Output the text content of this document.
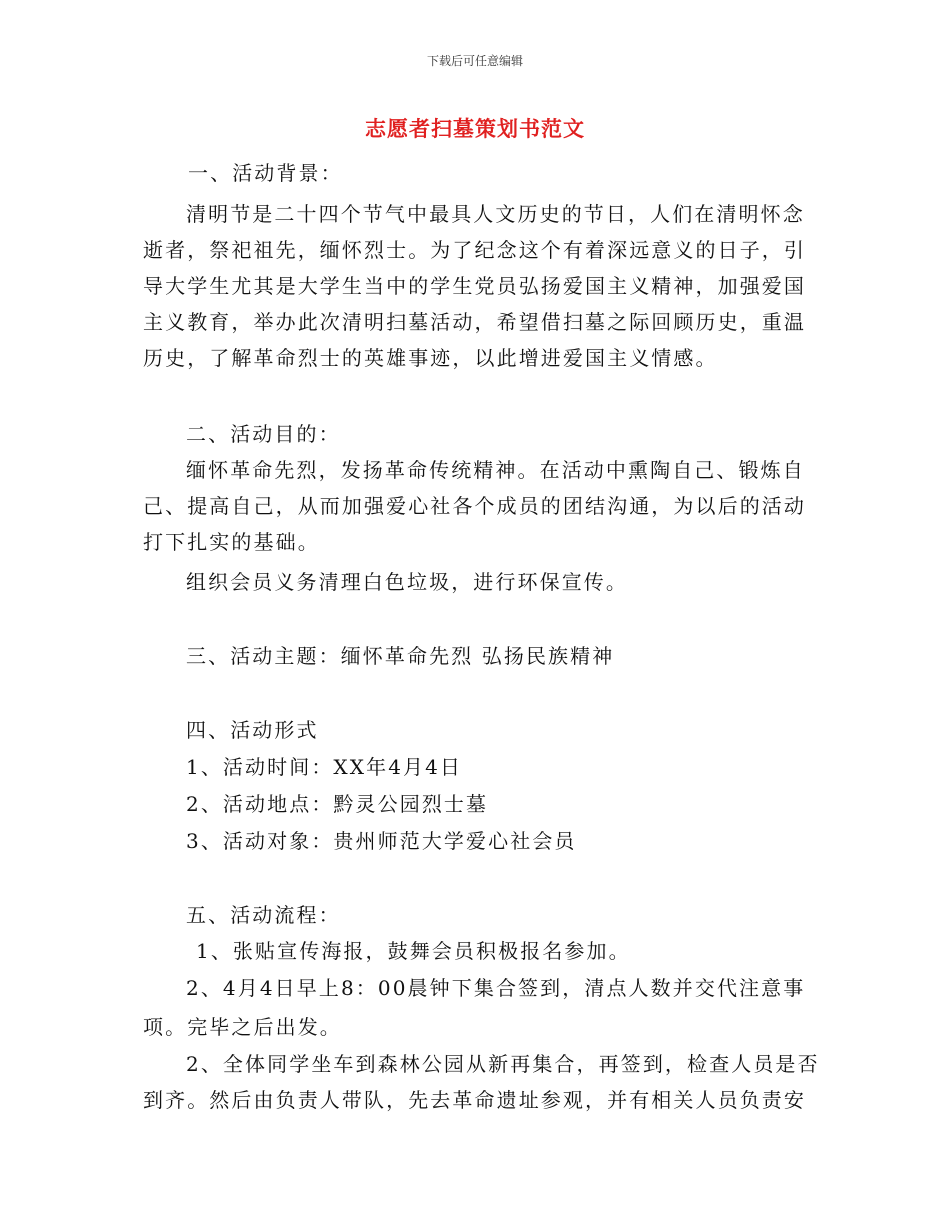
下载后可任意编辑
志愿者扫墓策划书范文
一、活动背景：
清明节是二十四个节气中最具人文历史的节日，人们在清明怀念
逝者，祭祀祖先，缅怀烈士。为了纪念这个有着深远意义的日子，引
导大学生尤其是大学生当中的学生党员弘扬爱国主义精神，加强爱国
主义教育，举办此次清明扫墓活动，希望借扫墓之际回顾历史，重温
历史，了解革命烈士的英雄事迹，以此增进爱国主义情感。
二、活动目的：
缅怀革命先烈，发扬革命传统精神。在活动中熏陶自己、锻炼自
己、提高自己，从而加强爱心社各个成员的团结沟通，为以后的活动
打下扎实的基础。
组织会员义务清理白色垃圾，进行环保宣传。
三、活动主题：缅怀革命先烈 弘扬民族精神
四、活动形式
1、活动时间：XX年4月4日
2、活动地点：黔灵公园烈士墓
3、活动对象：贵州师范大学爱心社会员
五、活动流程：
1、张贴宣传海报，鼓舞会员积极报名参加。
2、4月4日早上8：00晨钟下集合签到，清点人数并交代注意事
项。完毕之后出发。
2、全体同学坐车到森林公园从新再集合，再签到，检查人员是否
到齐。然后由负责人带队，先去革命遗址参观，并有相关人员负责安
